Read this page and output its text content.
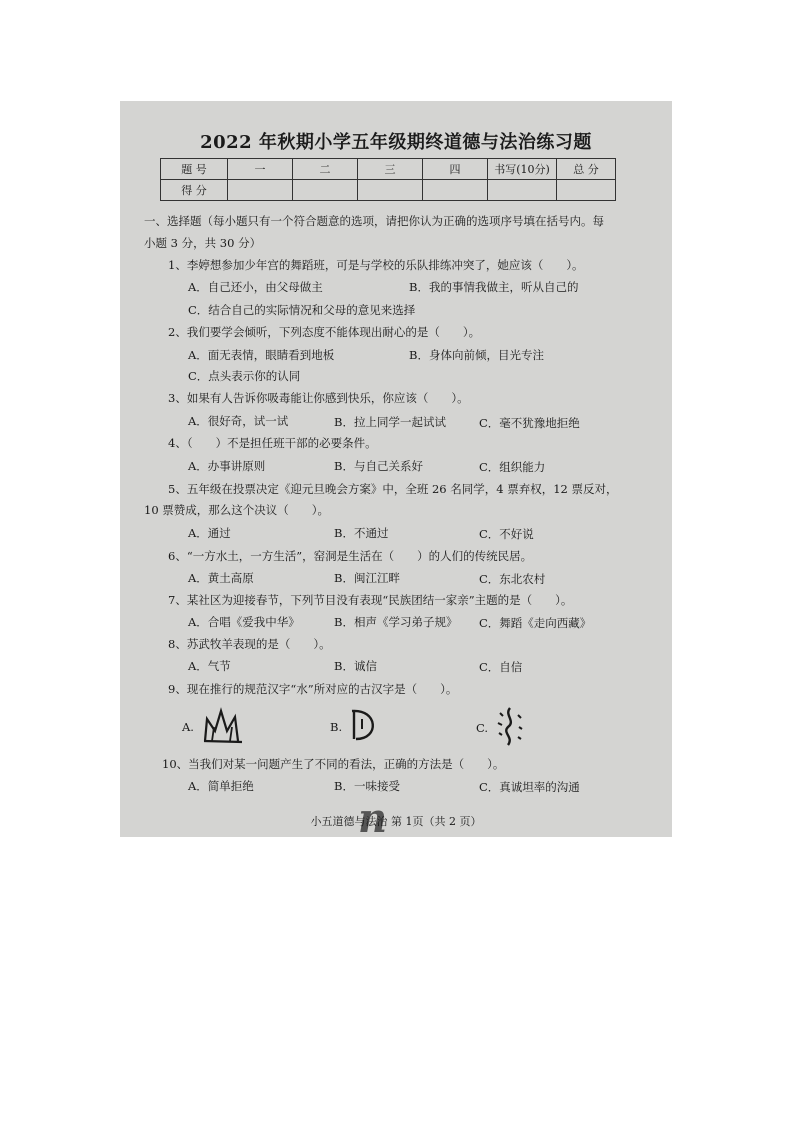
2022 年秋期小学五年级期终道德与法治练习题
题 号	一	二	三	四	书写(10分)	总 分
得 分						
一、选择题（每小题只有一个符合题意的选项，请把你认为正确的选项序号填在括号内。每
小题 3 分，共 30 分）
1、李婷想参加少年宫的舞蹈班，可是与学校的乐队排练冲突了，她应该（　　）。
A．自己还小，由父母做主	B．我的事情我做主，听从自己的
C．结合自己的实际情况和父母的意见来选择
2、我们要学会倾听，下列态度不能体现出耐心的是（　　）。
A．面无表情，眼睛看到地板	B．身体向前倾，目光专注
C．点头表示你的认同
3、如果有人告诉你吸毒能让你感到快乐，你应该（　　）。
A．很好奇，试一试	B．拉上同学一起试试	C．毫不犹豫地拒绝
4、（　　）不是担任班干部的必要条件。
A．办事讲原则	B．与自己关系好	C．组织能力
5、五年级在投票决定《迎元旦晚会方案》中，全班 26 名同学，4 票弃权，12 票反对，
10 票赞成，那么这个决议（　　）。
A．通过	B．不通过	C．不好说
6、“一方水土，一方生活”，窑洞是生活在（　　）的人们的传统民居。
A．黄土高原	B．闽江江畔	C．东北农村
7、某社区为迎接春节，下列节目没有表现“民族团结一家亲”主题的是（　　）。
A．合唱《爱我中华》	B．相声《学习弟子规》 C．舞蹈《走向西藏》
8、苏武牧羊表现的是（　　）。
A．气节	B．诚信	C．自信
9、现在推行的规范汉字“水”所对应的古汉字是（　　）。
A.	B.	C.
10、当我们对某一问题产生了不同的看法，正确的方法是（　　）。
A．简单拒绝	B．一味接受	C．真诚坦率的沟通
n
小五道德与法治 第 1页（共 2 页）
